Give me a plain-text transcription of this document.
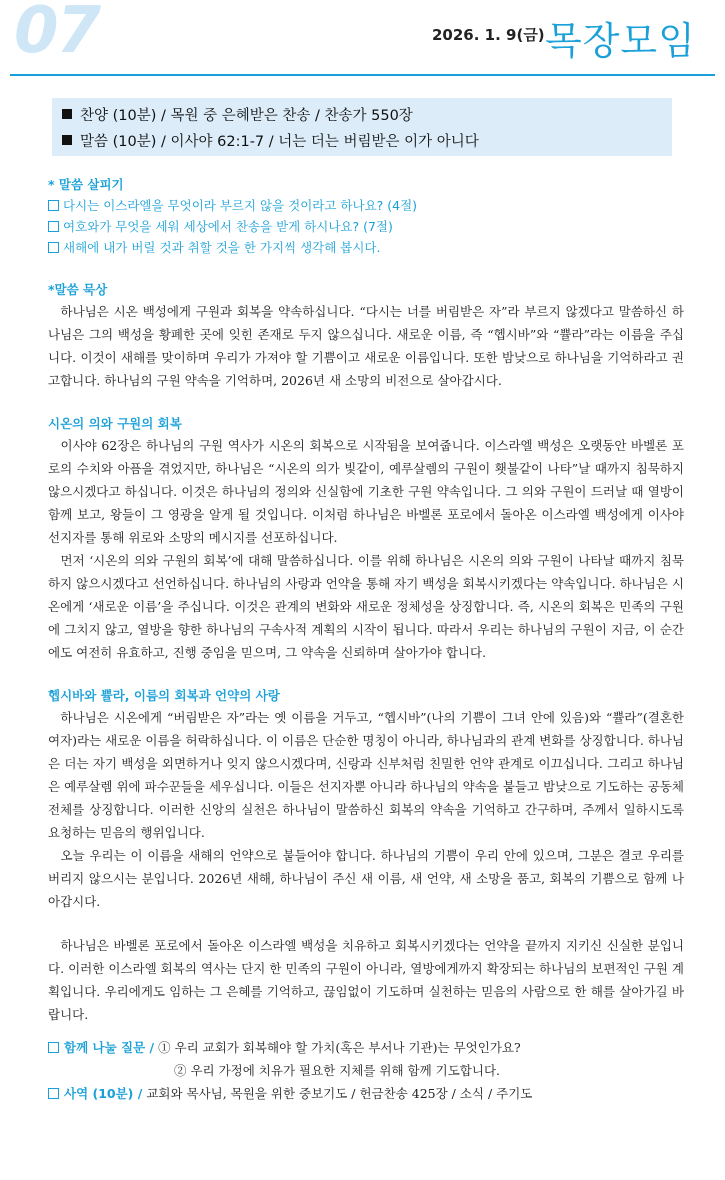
07	2026. 1. 9(금) 목장모임
찬양 (10분) / 목원 중 은혜받은 찬송 / 찬송가 550장
말씀 (10분) / 이사야 62:1-7 / 너는 더는 버림받은 이가 아니다
* 말씀 살피기
다시는 이스라엘을 무엇이라 부르지 않을 것이라고 하나요? (4절)
여호와가 무엇을 세워 세상에서 찬송을 받게 하시나요? (7절)
새해에 내가 버릴 것과 취할 것을 한 가지씩 생각해 봅시다.
*말씀 묵상

하나님은 시온 백성에게 구원과 회복을 약속하십니다. “다시는 너를 버림받은 자”라 부르지 않겠다고 말씀하신 하나님은 그의 백성을 황폐한 곳에 잊힌 존재로 두지 않으십니다. 새로운 이름, 즉 “헵시바”와 “쁄라”라는 이름을 주십니다. 이것이 새해를 맞이하며 우리가 가져야 할 기쁨이고 새로운 이름입니다. 또한 밤낮으로 하나님을 기억하라고 권고합니다. 하나님의 구원 약속을 기억하며, 2026년 새 소망의 비전으로 살아갑시다.

시온의 의와 구원의 회복

이사야 62장은 하나님의 구원 역사가 시온의 회복으로 시작됨을 보여줍니다. 이스라엘 백성은 오랫동안 바벨론 포로의 수치와 아픔을 겪었지만, 하나님은 “시온의 의가 빛같이, 예루살렘의 구원이 횃불같이 나타”날 때까지 침묵하지 않으시겠다고 하십니다. 이것은 하나님의 정의와 신실함에 기초한 구원 약속입니다. 그 의와 구원이 드러날 때 열방이 함께 보고, 왕들이 그 영광을 알게 될 것입니다. 이처럼 하나님은 바벨론 포로에서 돌아온 이스라엘 백성에게 이사야 선지자를 통해 위로와 소망의 메시지를 선포하십니다.

먼저 ‘시온의 의와 구원의 회복’에 대해 말씀하십니다. 이를 위해 하나님은 시온의 의와 구원이 나타날 때까지 침묵하지 않으시겠다고 선언하십니다. 하나님의 사랑과 언약을 통해 자기 백성을 회복시키겠다는 약속입니다. 하나님은 시온에게 ‘새로운 이름’을 주십니다. 이것은 관계의 변화와 새로운 정체성을 상징합니다. 즉, 시온의 회복은 민족의 구원에 그치지 않고, 열방을 향한 하나님의 구속사적 계획의 시작이 됩니다. 따라서 우리는 하나님의 구원이 지금, 이 순간에도 여전히 유효하고, 진행 중임을 믿으며, 그 약속을 신뢰하며 살아가야 합니다.

헵시바와 쁄라, 이름의 회복과 언약의 사랑

하나님은 시온에게 “버림받은 자”라는 옛 이름을 거두고, “헵시바”(나의 기쁨이 그녀 안에 있음)와 “쁄라”(결혼한 여자)라는 새로운 이름을 허락하십니다. 이 이름은 단순한 명칭이 아니라, 하나님과의 관계 변화를 상징합니다. 하나님은 더는 자기 백성을 외면하거나 잊지 않으시겠다며, 신랑과 신부처럼 친밀한 언약 관계로 이끄십니다. 그리고 하나님은 예루살렘 위에 파수꾼들을 세우십니다. 이들은 선지자뿐 아니라 하나님의 약속을 붙들고 밤낮으로 기도하는 공동체 전체를 상징합니다. 이러한 신앙의 실천은 하나님이 말씀하신 회복의 약속을 기억하고 간구하며, 주께서 일하시도록 요청하는 믿음의 행위입니다.

오늘 우리는 이 이름을 새해의 언약으로 붙들어야 합니다. 하나님의 기쁨이 우리 안에 있으며, 그분은 결코 우리를 버리지 않으시는 분입니다. 2026년 새해, 하나님이 주신 새 이름, 새 언약, 새 소망을 품고, 회복의 기쁨으로 함께 나아갑시다.

하나님은 바벨론 포로에서 돌아온 이스라엘 백성을 치유하고 회복시키겠다는 언약을 끝까지 지키신 신실한 분입니다. 이러한 이스라엘 회복의 역사는 단지 한 민족의 구원이 아니라, 열방에게까지 확장되는 하나님의 보편적인 구원 계획입니다. 우리에게도 임하는 그 은혜를 기억하고, 끊임없이 기도하며 실천하는 믿음의 사람으로 한 해를 살아가길 바랍니다.

함께 나눌 질문 / ① 우리 교회가 회복해야 할 가치(혹은 부서나 기관)는 무엇인가요?
② 우리 가정에 치유가 필요한 지체를 위해 함께 기도합니다.
사역 (10분) / 교회와 목사님, 목원을 위한 중보기도 / 헌금찬송 425장 / 소식 / 주기도
